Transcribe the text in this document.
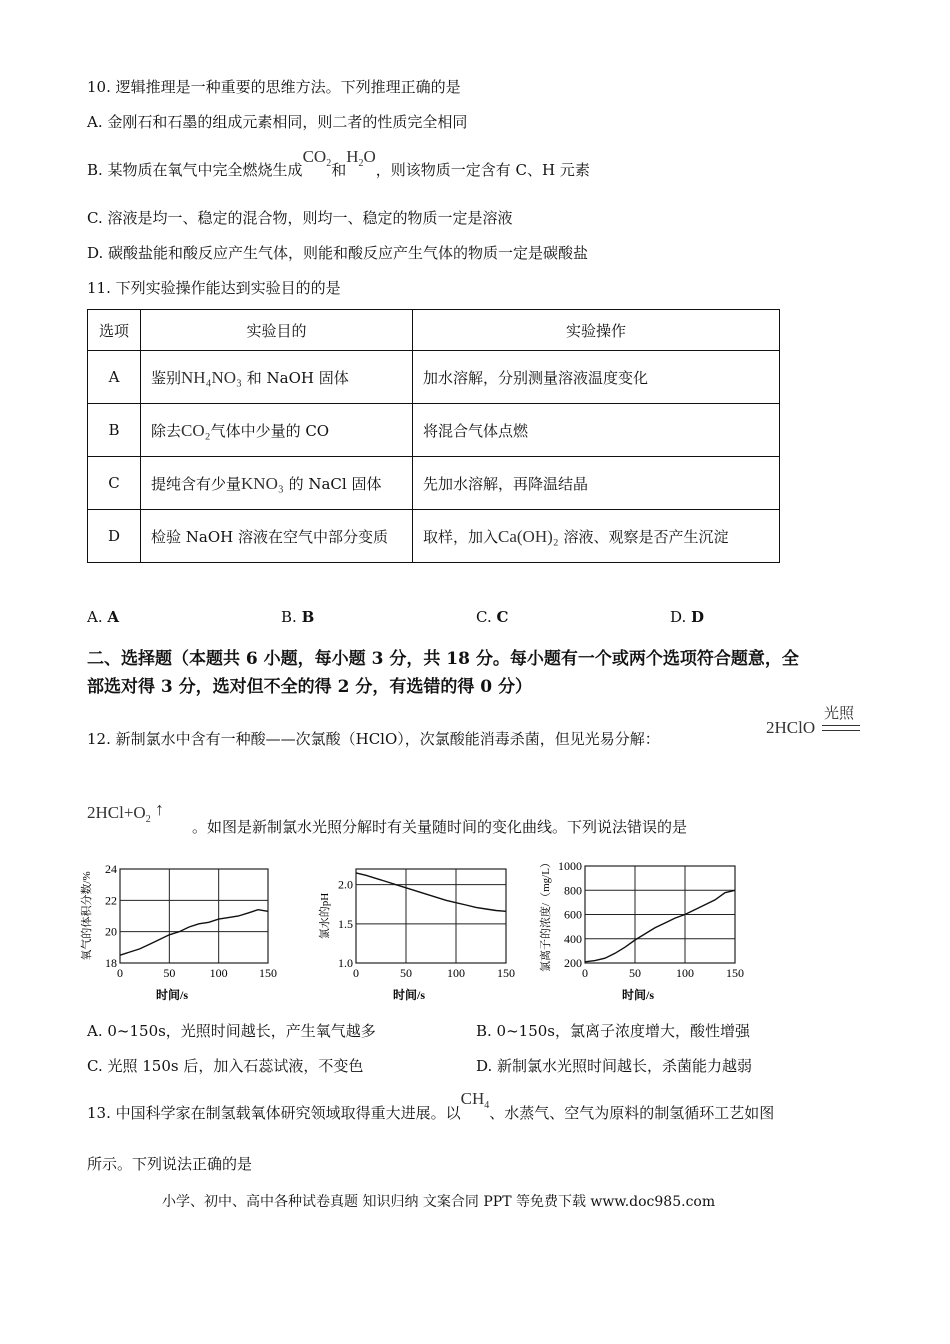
10. 逻辑推理是一种重要的思维方法。下列推理正确的是
A. 金刚石和石墨的组成元素相同，则二者的性质完全相同
B. 某物质在氧气中完全燃烧生成$CO_2$和$H_2O$，则该物质一定含有 C、H 元素
C. 溶液是均一、稳定的混合物，则均一、稳定的物质一定是溶液
D. 碳酸盐能和酸反应产生气体，则能和酸反应产生气体的物质一定是碳酸盐
11. 下列实验操作能达到实验目的的是
选项	实验目的	实验操作
A	鉴别NH₄NO₃ 和 NaOH 固体	加水溶解，分别测量溶液温度变化
B	除去CO₂气体中少量的 CO	将混合气体点燃
C	提纯含有少量KNO₃ 的 NaCl 固体	先加水溶解，再降温结晶
D	检验 NaOH 溶液在空气中部分变质	取样，加入Ca(OH)₂ 溶液、观察是否产生沉淀
A. A	B. B	C. C	D. D
二、选择题（本题共 6 小题，每小题 3 分，共 18 分。每小题有一个或两个选项符合题意，全
部选对得 3 分，选对但不全的得 2 分，有选错的得 0 分）
12. 新制氯水中含有一种酸——次氯酸（HClO），次氯酸能消毒杀菌，但见光易分解：
2HClO
光照
$2HCl+O_2$ ↑
。如图是新制氯水光照分解时有关量随时间的变化曲线。下列说法错误的是
0	50	100	150
18
20
22
24
时间/s
氧气的体积分数/%
0	50	100	150
1.0
1.5
2.0
时间/s
氯水的pH
0	50	100	150
200
400
600
800
1000
时间/s
氯离子的浓度/（mg/L）
A. 0~150s，光照时间越长，产生氧气越多	B. 0~150s，氯离子浓度增大，酸性增强
C. 光照 150s 后，加入石蕊试液，不变色	D. 新制氯水光照时间越长，杀菌能力越弱
13. 中国科学家在制氢载氧体研究领域取得重大进展。以$CH_4$、水蒸气、空气为原料的制氢循环工艺如图
所示。下列说法正确的是
小学、初中、高中各种试卷真题 知识归纳 文案合同 PPT 等免费下载 www.doc985.com
